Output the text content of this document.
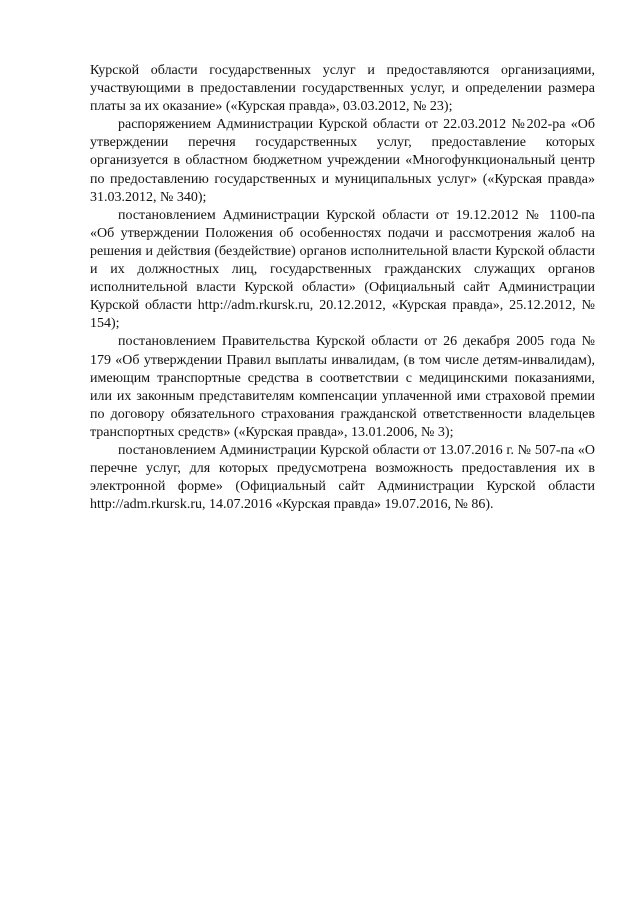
Курской области государственных услуг и предоставляются организациями, участвующими в предоставлении государственных услуг, и определении размера платы за их оказание» («Курская правда», 03.03.2012, № 23);

распоряжением Администрации Курской области от 22.03.2012 №202-ра «Об утверждении перечня государственных услуг, предоставление которых организуется в областном бюджетном учреждении «Многофункциональный центр по предоставлению государственных и муниципальных услуг» («Курская правда» 31.03.2012, № 340);

постановлением Администрации Курской области от 19.12.2012 № 1100-па «Об утверждении Положения об особенностях подачи и рассмотрения жалоб на решения и действия (бездействие) органов исполнительной власти Курской области и их должностных лиц, государственных гражданских служащих органов исполнительной власти Курской области» (Официальный сайт Администрации Курской области http://adm.rkursk.ru, 20.12.2012, «Курская правда», 25.12.2012, № 154);

постановлением Правительства Курской области от 26 декабря 2005 года № 179 «Об утверждении Правил выплаты инвалидам, (в том числе детям-инвалидам), имеющим транспортные средства в соответствии с медицинскими показаниями, или их законным представителям компенсации уплаченной ими страховой премии по договору обязательного страхования гражданской ответственности владельцев транспортных средств» («Курская правда», 13.01.2006, № 3);

постановлением Администрации Курской области от 13.07.2016 г. № 507-па «О перечне услуг, для которых предусмотрена возможность предоставления их в электронной форме» (Официальный сайт Администрации Курской области http://adm.rkursk.ru, 14.07.2016 «Курская правда» 19.07.2016, № 86).
